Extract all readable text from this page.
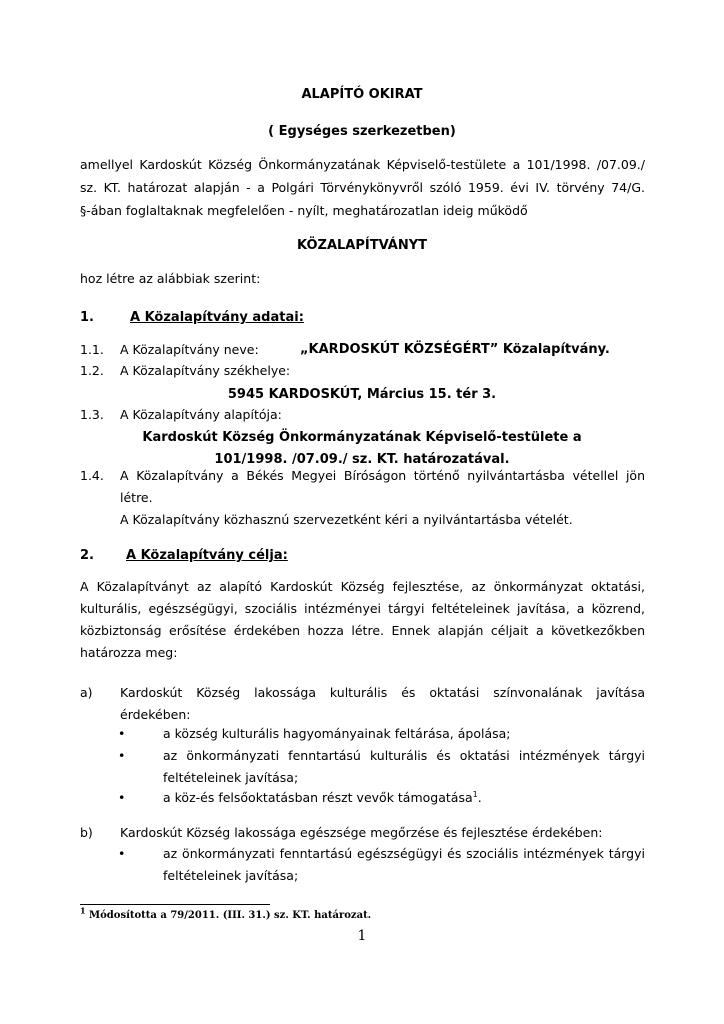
ALAPÍTÓ OKIRAT
( Egységes szerkezetben)
amellyel Kardoskút Község Önkormányzatának Képviselő-testülete a 101/1998. /07.09./
sz. KT. határozat alapján - a Polgári Törvénykönyvről szóló 1959. évi IV. törvény 74/G.
§-ában foglaltaknak megfelelően - nyílt, meghatározatlan ideig működő
KÖZALAPÍTVÁNYT
hoz létre az alábbiak szerint:
1.	A Közalapítvány adatai:
1.1. A Közalapítvány neve:	„KARDOSKÚT KÖZSÉGÉRT” Közalapítvány.
1.2. A Közalapítvány székhelye:
5945 KARDOSKÚT, Március 15. tér 3.
1.3. A Közalapítvány alapítója:
Kardoskút Község Önkormányzatának Képviselő-testülete a
101/1998. /07.09./ sz. KT. határozatával.
1.4. A Közalapítvány a Békés Megyei Bíróságon történő nyilvántartásba vétellel jön
létre.
A Közalapítvány közhasznú szervezetként kéri a nyilvántartásba vételét.
2. A Közalapítvány célja:
A Közalapítványt az alapító Kardoskút Község fejlesztése, az önkormányzat oktatási,
kulturális, egészségügyi, szociális intézményei tárgyi feltételeinek javítása, a közrend,
közbiztonság erősítése érdekében hozza létre. Ennek alapján céljait a következőkben
határozza meg:
a) Kardoskút Község lakossága kulturális és oktatási színvonalának javítása
érdekében:
•	a község kulturális hagyományainak feltárása, ápolása;
•	az önkormányzati fenntartású kulturális és oktatási intézmények tárgyi
feltételeinek javítása;
•	a köz-és felsőoktatásban részt vevők támogatása$^1$.
b) Kardoskút Község lakossága egészsége megőrzése és fejlesztése érdekében:
•	az önkormányzati fenntartású egészségügyi és szociális intézmények tárgyi
feltételeinek javítása;
$^1$ Módosította a 79/2011. (III. 31.) sz. KT. határozat.
1
